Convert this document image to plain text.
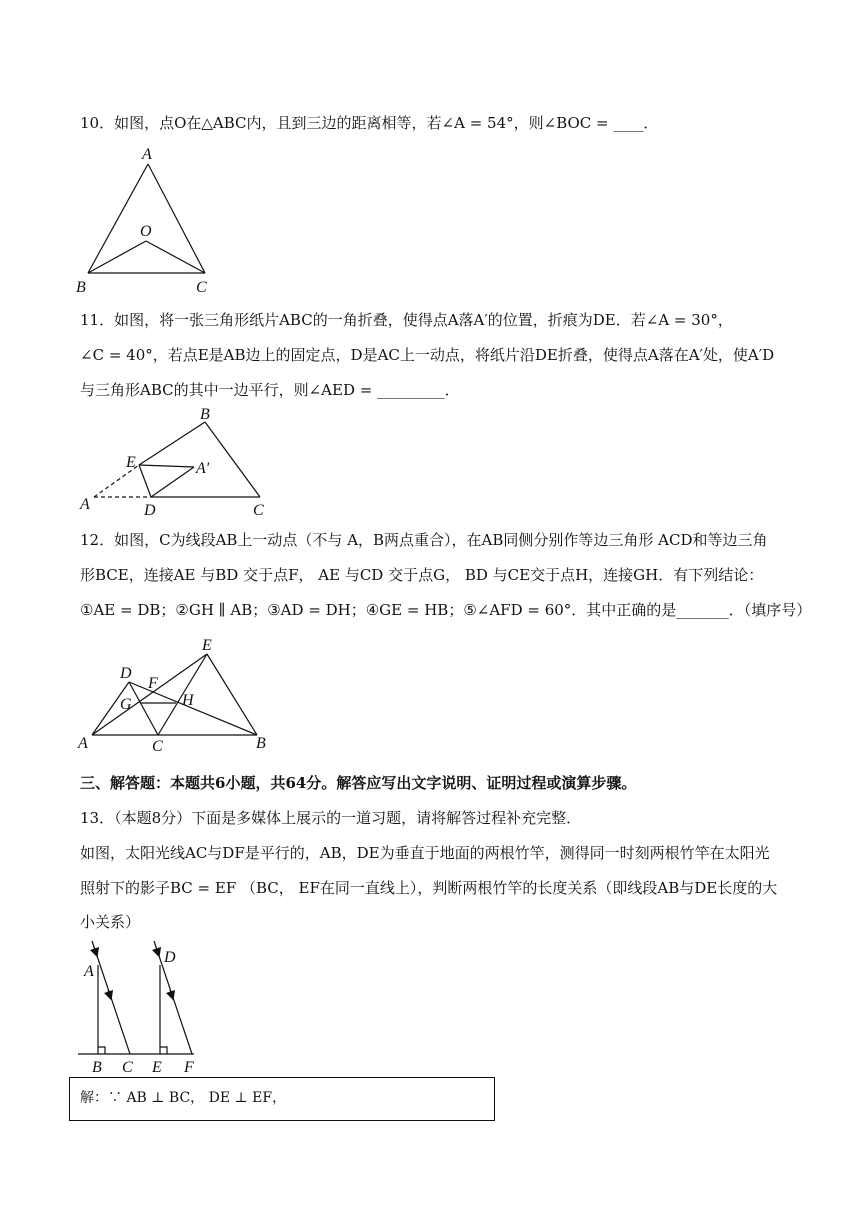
10．如图，点O在△ABC内，且到三边的距离相等，若∠A = 54°，则∠BOC = ____．
A
B	C
O
11．如图，将一张三角形纸片ABC的一角折叠，使得点A落A′的位置，折痕为DE．若∠A = 30°，
∠C = 40°，若点E是AB边上的固定点，D是AC上一动点，将纸片沿DE折叠，使得点A落在A′处，使A′D
与三角形ABC的其中一边平行，则∠AED = _________．
B
E	A′
A	D	C
12．如图，C为线段AB上一动点（不与 A，B两点重合），在AB同侧分别作等边三角形 ACD和等边三角
形BCE，连接AE 与BD 交于点F， AE 与CD 交于点G， BD 与CE交于点H，连接GH．有下列结论：
①AE = DB；②GH ∥ AB；③AD = DH；④GE = HB；⑤∠AFD = 60°．其中正确的是_______．（填序号）
D
E
F
G	H
A	C	B
三、解答题：本题共6小题，共64分。解答应写出文字说明、证明过程或演算步骤。
13．（本题8分）下面是多媒体上展示的一道习题，请将解答过程补充完整．
如图，太阳光线AC与DF是平行的，AB，DE为垂直于地面的两根竹竿，测得同一时刻两根竹竿在太阳光
照射下的影子BC = EF （BC， EF在同一直线上），判断两根竹竿的长度关系（即线段AB与DE长度的大
小关系）
A
D
B C E F
解：∵ AB ⊥ BC， DE ⊥ EF，
